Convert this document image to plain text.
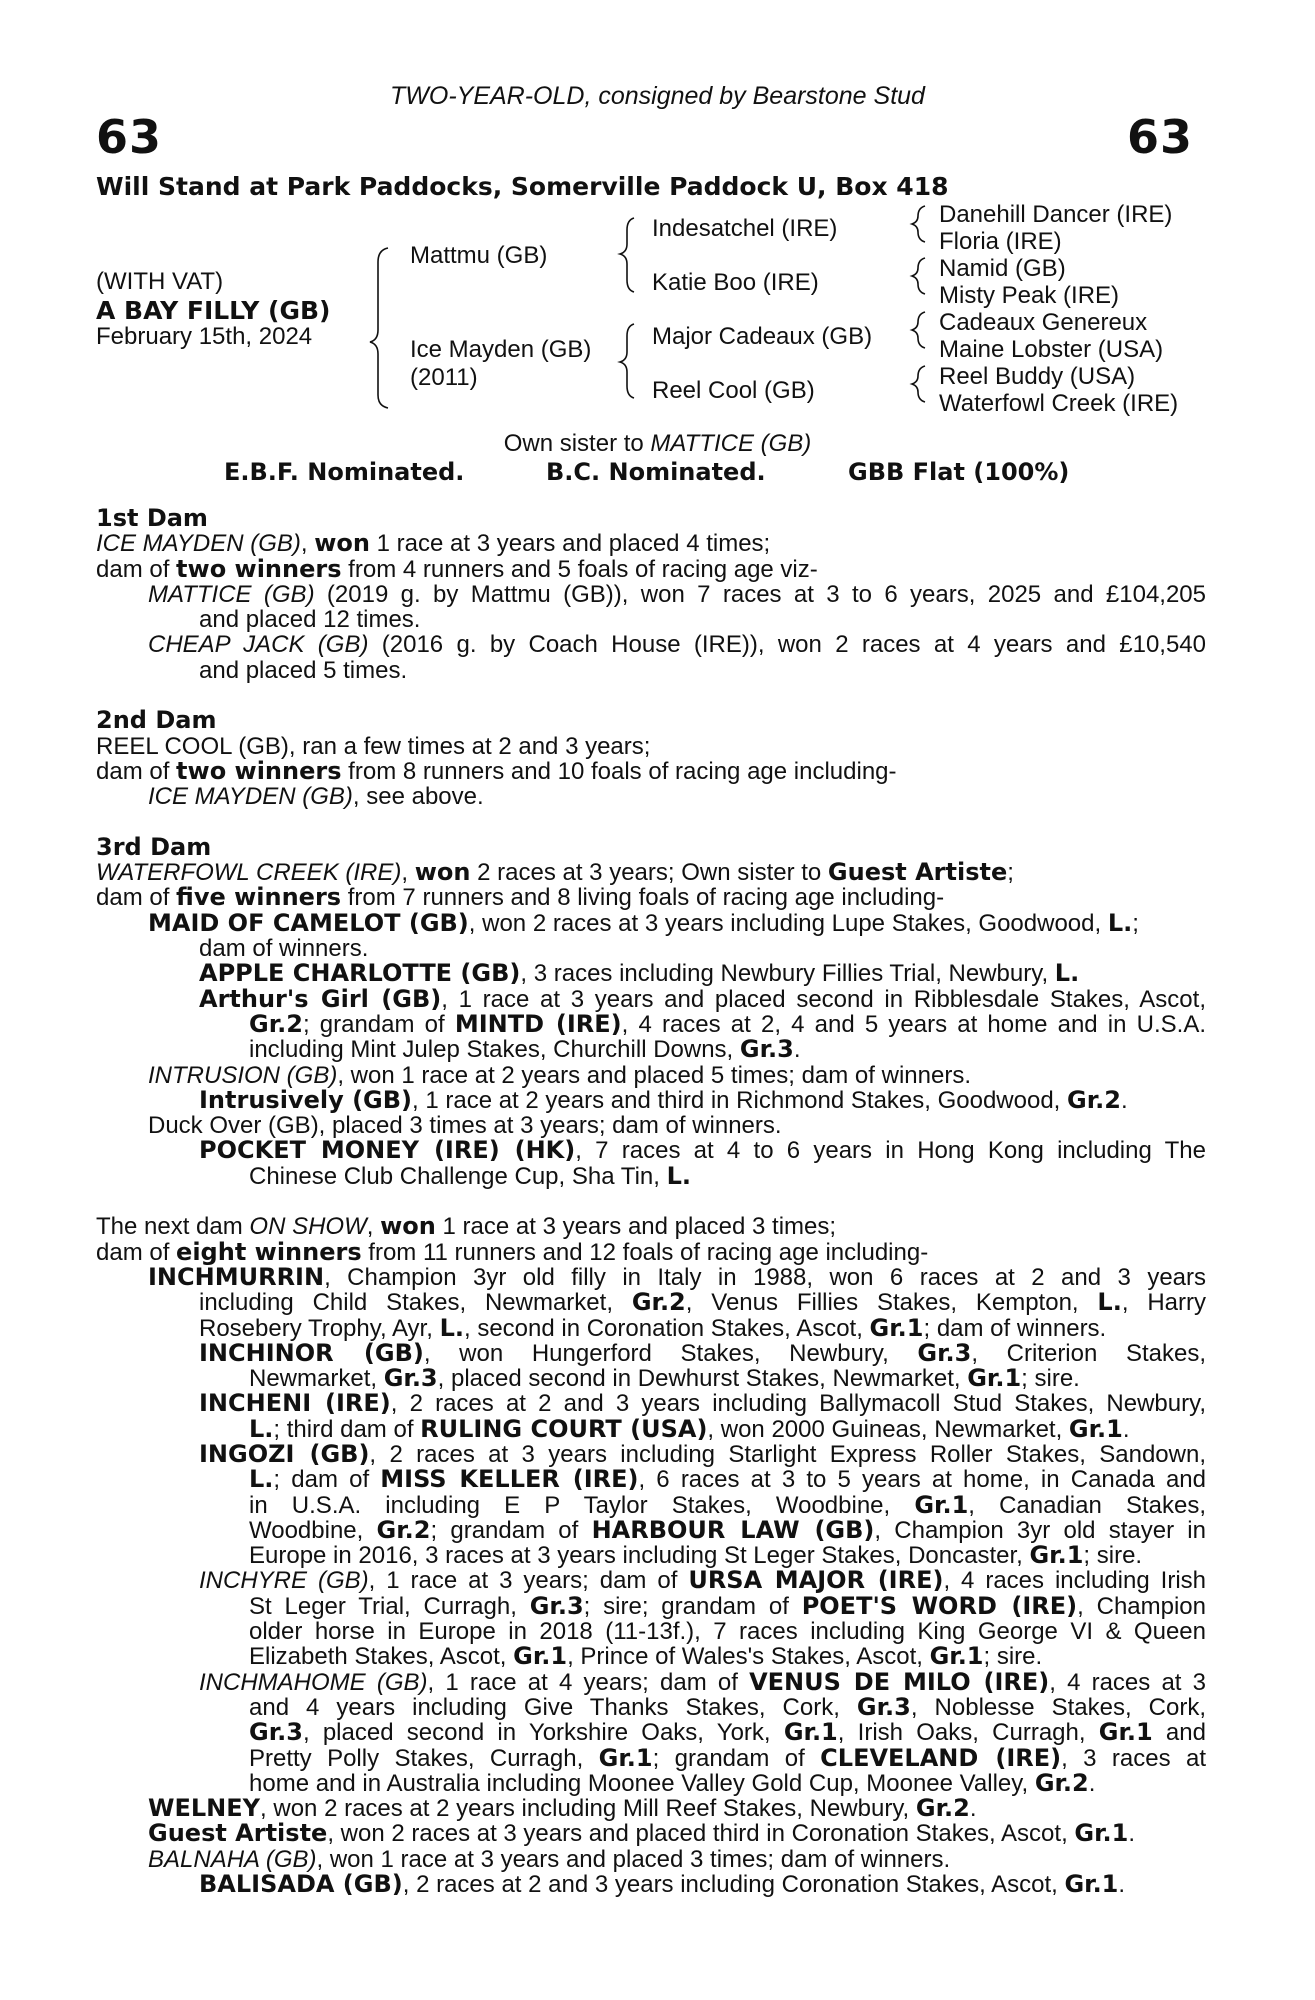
TWO-YEAR-OLD, consigned by Bearstone Stud
63	63
Will Stand at Park Paddocks, Somerville Paddock U, Box 418
(WITH VAT)
A BAY FILLY (GB)
February 15th, 2024
Mattmu (GB)
Ice Mayden (GB)
(2011)
Indesatchel (IRE)
Katie Boo (IRE)
Major Cadeaux (GB)
Reel Cool (GB)
Danehill Dancer (IRE)
Floria (IRE)
Namid (GB)
Misty Peak (IRE)
Cadeaux Genereux
Maine Lobster (USA)
Reel Buddy (USA)
Waterfowl Creek (IRE)
Own sister to MATTICE (GB)
E.B.F. Nominated.	B.C. Nominated.	GBB Flat (100%)
1st Dam
ICE MAYDEN (GB), won 1 race at 3 years and placed 4 times;
dam of two winners from 4 runners and 5 foals of racing age viz-
MATTICE (GB) (2019 g. by Mattmu (GB)), won 7 races at 3 to 6 years, 2025 and £104,205
and placed 12 times.
CHEAP JACK (GB) (2016 g. by Coach House (IRE)), won 2 races at 4 years and £10,540
and placed 5 times.
2nd Dam
REEL COOL (GB), ran a few times at 2 and 3 years;
dam of two winners from 8 runners and 10 foals of racing age including-
ICE MAYDEN (GB), see above.
3rd Dam
WATERFOWL CREEK (IRE), won 2 races at 3 years; Own sister to Guest Artiste;
dam of five winners from 7 runners and 8 living foals of racing age including-
MAID OF CAMELOT (GB), won 2 races at 3 years including Lupe Stakes, Goodwood, L.;
dam of winners.
APPLE CHARLOTTE (GB), 3 races including Newbury Fillies Trial, Newbury, L.
Arthur's Girl (GB), 1 race at 3 years and placed second in Ribblesdale Stakes, Ascot,
Gr.2; grandam of MINTD (IRE), 4 races at 2, 4 and 5 years at home and in U.S.A.
including Mint Julep Stakes, Churchill Downs, Gr.3.
INTRUSION (GB), won 1 race at 2 years and placed 5 times; dam of winners.
Intrusively (GB), 1 race at 2 years and third in Richmond Stakes, Goodwood, Gr.2.
Duck Over (GB), placed 3 times at 3 years; dam of winners.
POCKET MONEY (IRE) (HK), 7 races at 4 to 6 years in Hong Kong including The
Chinese Club Challenge Cup, Sha Tin, L.
The next dam ON SHOW, won 1 race at 3 years and placed 3 times;
dam of eight winners from 11 runners and 12 foals of racing age including-
INCHMURRIN, Champion 3yr old filly in Italy in 1988, won 6 races at 2 and 3 years
including Child Stakes, Newmarket, Gr.2, Venus Fillies Stakes, Kempton, L., Harry
Rosebery Trophy, Ayr, L., second in Coronation Stakes, Ascot, Gr.1; dam of winners.
INCHINOR (GB), won Hungerford Stakes, Newbury, Gr.3, Criterion Stakes,
Newmarket, Gr.3, placed second in Dewhurst Stakes, Newmarket, Gr.1; sire.
INCHENI (IRE), 2 races at 2 and 3 years including Ballymacoll Stud Stakes, Newbury,
L.; third dam of RULING COURT (USA), won 2000 Guineas, Newmarket, Gr.1.
INGOZI (GB), 2 races at 3 years including Starlight Express Roller Stakes, Sandown,
L.; dam of MISS KELLER (IRE), 6 races at 3 to 5 years at home, in Canada and
in U.S.A. including E P Taylor Stakes, Woodbine, Gr.1, Canadian Stakes,
Woodbine, Gr.2; grandam of HARBOUR LAW (GB), Champion 3yr old stayer in
Europe in 2016, 3 races at 3 years including St Leger Stakes, Doncaster, Gr.1; sire.
INCHYRE (GB), 1 race at 3 years; dam of URSA MAJOR (IRE), 4 races including Irish
St Leger Trial, Curragh, Gr.3; sire; grandam of POET'S WORD (IRE), Champion
older horse in Europe in 2018 (11-13f.), 7 races including King George VI & Queen
Elizabeth Stakes, Ascot, Gr.1, Prince of Wales's Stakes, Ascot, Gr.1; sire.
INCHMAHOME (GB), 1 race at 4 years; dam of VENUS DE MILO (IRE), 4 races at 3
and 4 years including Give Thanks Stakes, Cork, Gr.3, Noblesse Stakes, Cork,
Gr.3, placed second in Yorkshire Oaks, York, Gr.1, Irish Oaks, Curragh, Gr.1 and
Pretty Polly Stakes, Curragh, Gr.1; grandam of CLEVELAND (IRE), 3 races at
home and in Australia including Moonee Valley Gold Cup, Moonee Valley, Gr.2.
WELNEY, won 2 races at 2 years including Mill Reef Stakes, Newbury, Gr.2.
Guest Artiste, won 2 races at 3 years and placed third in Coronation Stakes, Ascot, Gr.1.
BALNAHA (GB), won 1 race at 3 years and placed 3 times; dam of winners.
BALISADA (GB), 2 races at 2 and 3 years including Coronation Stakes, Ascot, Gr.1.
